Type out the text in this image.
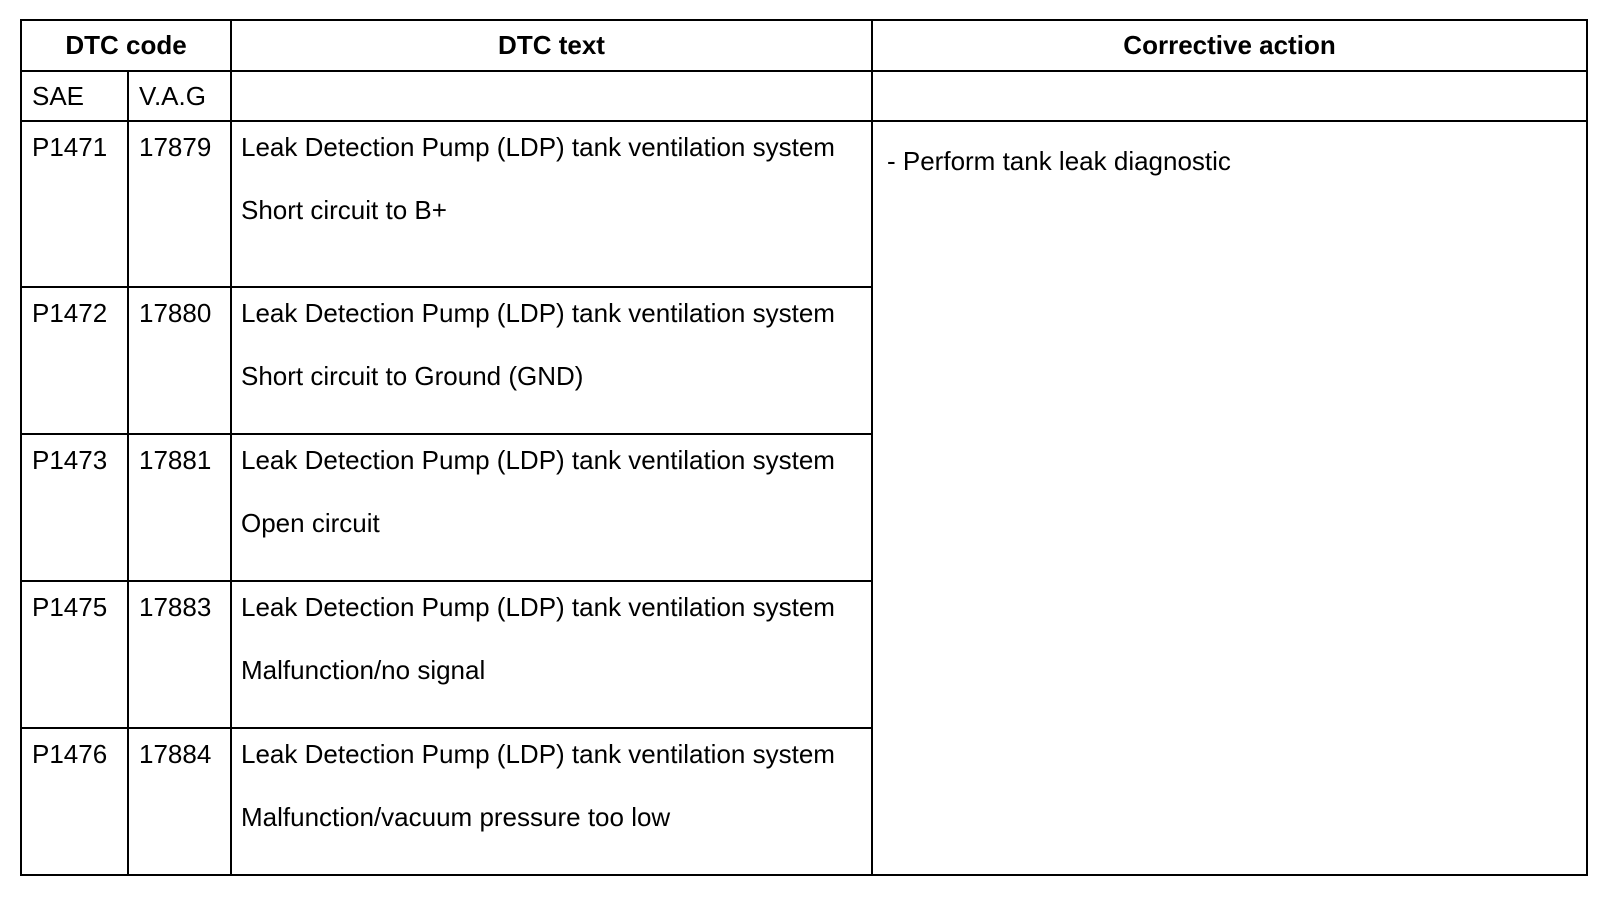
DTC code		DTC text	Corrective action
SAE	V.A.G		
P1471	17879	Leak Detection Pump (LDP) tank ventilation system
Short circuit to B+	- Perform tank leak diagnostic
P1472	17880	Leak Detection Pump (LDP) tank ventilation system
Short circuit to Ground (GND)	

P1473	17881	Leak Detection Pump (LDP) tank ventilation system
Open circuit	

P1475	17883	Leak Detection Pump (LDP) tank ventilation system
Malfunction/no signal	

P1476	17884	Leak Detection Pump (LDP) tank ventilation system
Malfunction/vacuum pressure too low	
